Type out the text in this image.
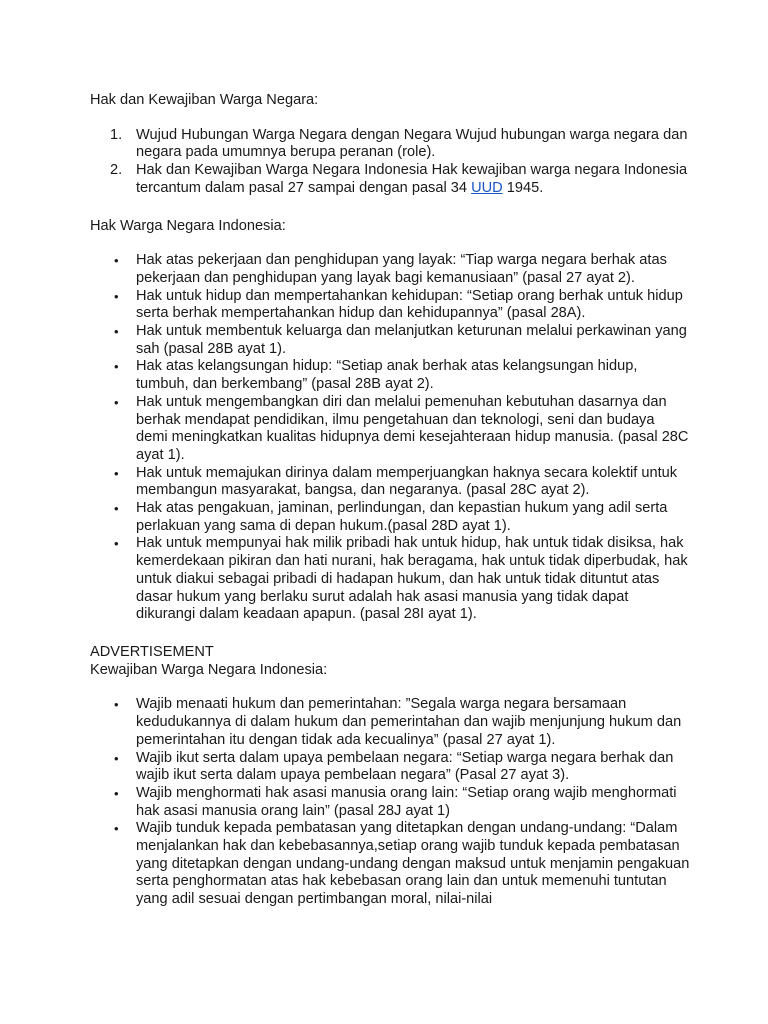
Hak dan Kewajiban Warga Negara:

1. Wujud Hubungan Warga Negara dengan Negara Wujud hubungan warga negara dan negara pada umumnya berupa peranan (role).
2. Hak dan Kewajiban Warga Negara Indonesia Hak kewajiban warga negara Indonesia tercantum dalam pasal 27 sampai dengan pasal 34 UUD 1945.

Hak Warga Negara Indonesia:

• Hak atas pekerjaan dan penghidupan yang layak: “Tiap warga negara berhak atas pekerjaan dan penghidupan yang layak bagi kemanusiaan” (pasal 27 ayat 2).
• Hak untuk hidup dan mempertahankan kehidupan: “Setiap orang berhak untuk hidup serta berhak mempertahankan hidup dan kehidupannya” (pasal 28A).
• Hak untuk membentuk keluarga dan melanjutkan keturunan melalui perkawinan yang sah (pasal 28B ayat 1).
• Hak atas kelangsungan hidup: “Setiap anak berhak atas kelangsungan hidup, tumbuh, dan berkembang” (pasal 28B ayat 2).
• Hak untuk mengembangkan diri dan melalui pemenuhan kebutuhan dasarnya dan berhak mendapat pendidikan, ilmu pengetahuan dan teknologi, seni dan budaya demi meningkatkan kualitas hidupnya demi kesejahteraan hidup manusia. (pasal 28C ayat 1).
• Hak untuk memajukan dirinya dalam memperjuangkan haknya secara kolektif untuk membangun masyarakat, bangsa, dan negaranya. (pasal 28C ayat 2).
• Hak atas pengakuan, jaminan, perlindungan, dan kepastian hukum yang adil serta perlakuan yang sama di depan hukum.(pasal 28D ayat 1).
• Hak untuk mempunyai hak milik pribadi hak untuk hidup, hak untuk tidak disiksa, hak kemerdekaan pikiran dan hati nurani, hak beragama, hak untuk tidak diperbudak, hak untuk diakui sebagai pribadi di hadapan hukum, dan hak untuk tidak dituntut atas dasar hukum yang berlaku surut adalah hak asasi manusia yang tidak dapat dikurangi dalam keadaan apapun. (pasal 28I ayat 1).

ADVERTISEMENT

Kewajiban Warga Negara Indonesia:

• Wajib menaati hukum dan pemerintahan: ”Segala warga negara bersamaan kedudukannya di dalam hukum dan pemerintahan dan wajib menjunjung hukum dan pemerintahan itu dengan tidak ada kecualinya” (pasal 27 ayat 1).
• Wajib ikut serta dalam upaya pembelaan negara: “Setiap warga negara berhak dan wajib ikut serta dalam upaya pembelaan negara” (Pasal 27 ayat 3).
• Wajib menghormati hak asasi manusia orang lain: “Setiap orang wajib menghormati hak asasi manusia orang lain” (pasal 28J ayat 1)
• Wajib tunduk kepada pembatasan yang ditetapkan dengan undang-undang: “Dalam menjalankan hak dan kebebasannya,setiap orang wajib tunduk kepada pembatasan yang ditetapkan dengan undang-undang dengan maksud untuk menjamin pengakuan serta penghormatan atas hak kebebasan orang lain dan untuk memenuhi tuntutan yang adil sesuai dengan pertimbangan moral, nilai-nilai
